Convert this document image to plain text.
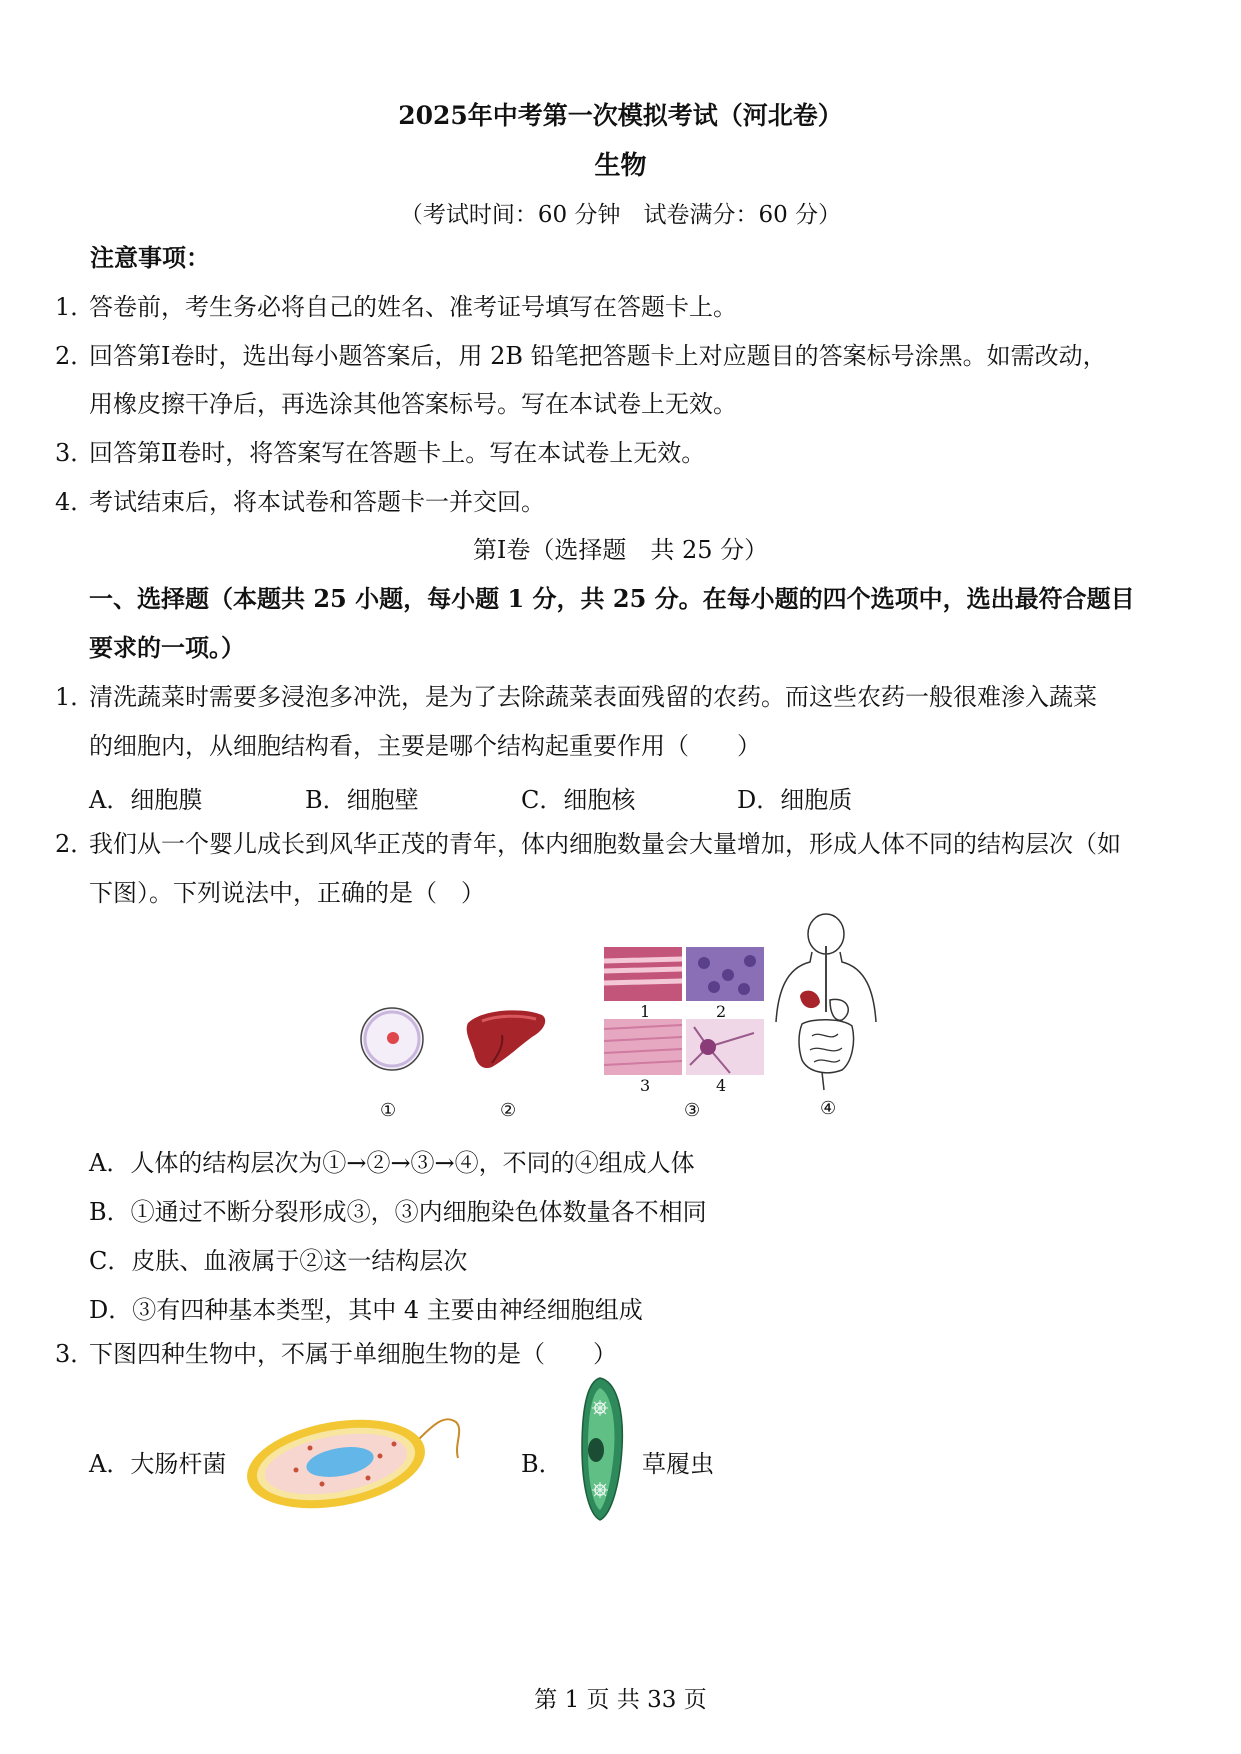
2025年中考第一次模拟考试（河北卷）
生物
（考试时间：60 分钟　试卷满分：60 分）
注意事项：
1．答卷前，考生务必将自己的姓名、准考证号填写在答题卡上。
2．回答第Ⅰ卷时，选出每小题答案后，用 2B 铅笔把答题卡上对应题目的答案标号涂黑。如需改动，
用橡皮擦干净后，再选涂其他答案标号。写在本试卷上无效。
3．回答第Ⅱ卷时，将答案写在答题卡上。写在本试卷上无效。
4．考试结束后，将本试卷和答题卡一并交回。
第Ⅰ卷（选择题　共 25 分）
一、选择题（本题共 25 小题，每小题 1 分，共 25 分。在每小题的四个选项中，选出最符合题目
要求的一项。）
1．清洗蔬菜时需要多浸泡多冲洗，是为了去除蔬菜表面残留的农药。而这些农药一般很难渗入蔬菜
的细胞内，从细胞结构看，主要是哪个结构起重要作用（　　）
A．细胞膜	B．细胞壁	C．细胞核	D．细胞质
2．我们从一个婴儿成长到风华正茂的青年，体内细胞数量会大量增加，形成人体不同的结构层次（如
下图）。下列说法中，正确的是（　）
1	2
3	4
①	②	③	④
A．人体的结构层次为①→②→③→④，不同的④组成人体
B．①通过不断分裂形成③，③内细胞染色体数量各不相同
C．皮肤、血液属于②这一结构层次
D．③有四种基本类型，其中 4 主要由神经细胞组成
3．下图四种生物中，不属于单细胞生物的是（　　）
A．大肠杆菌	B．	草履虫
第 1 页 共 33 页
